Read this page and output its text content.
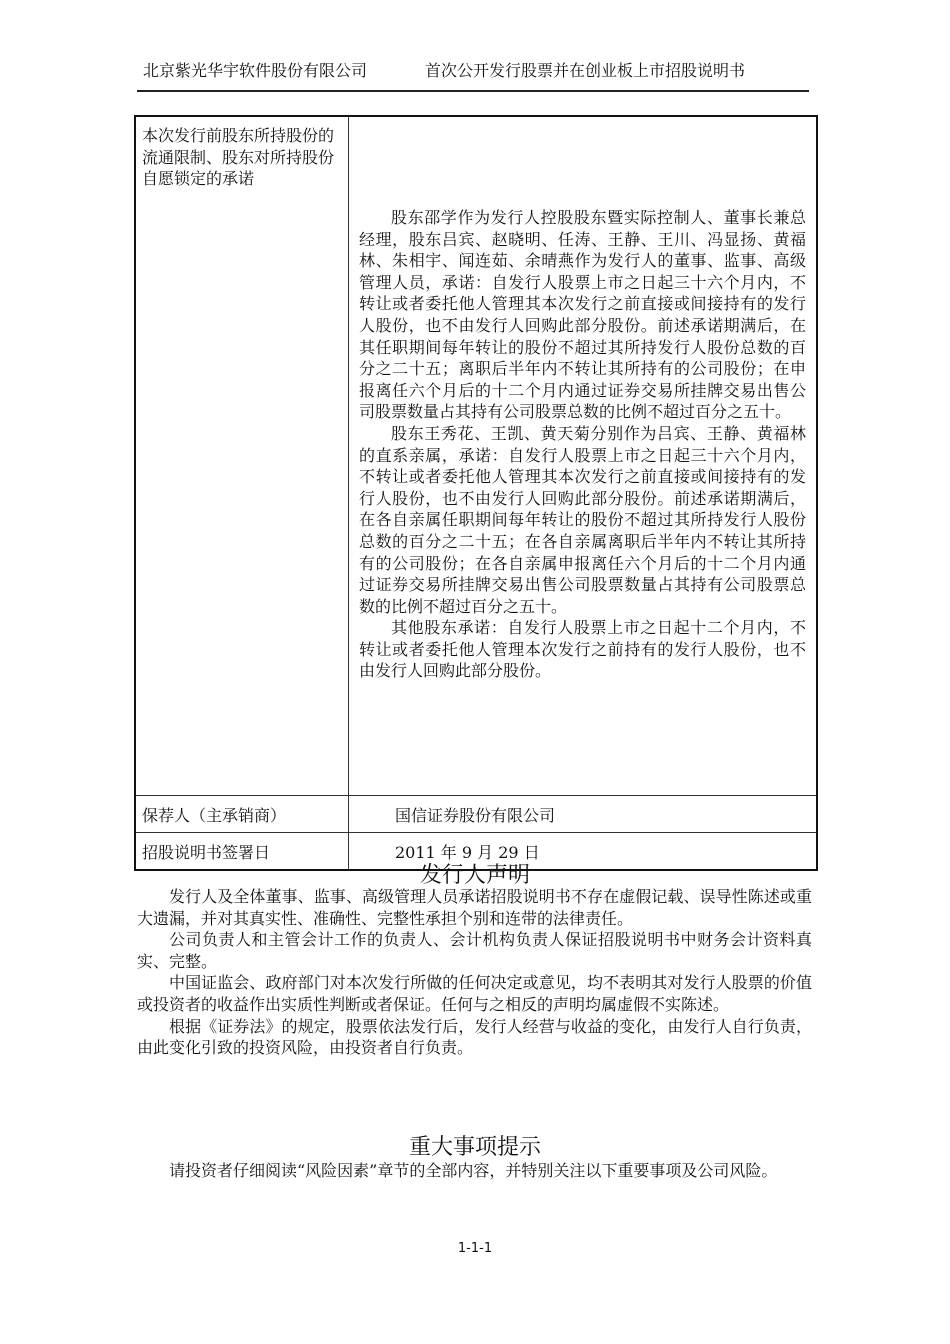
北京紫光华宇软件股份有限公司	首次公开发行股票并在创业板上市招股说明书
本次发行前股东所持股份的流通限制、股东对所持股份自愿锁定的承诺	股东邵学作为发行人控股股东暨实际控制人、董事长兼总经理，股东吕宾、赵晓明、任涛、王静、王川、冯显扬、黄福林、朱相宇、闻连茹、余晴燕作为发行人的董事、监事、高级管理人员，承诺：自发行人股票上市之日起三十六个月内，不转让或者委托他人管理其本次发行之前直接或间接持有的发行人股份，也不由发行人回购此部分股份。前述承诺期满后，在其任职期间每年转让的股份不超过其所持发行人股份总数的百分之二十五；离职后半年内不转让其所持有的公司股份；在申报离任六个月后的十二个月内通过证券交易所挂牌交易出售公司股票数量占其持有公司股票总数的比例不超过百分之五十。

股东王秀花、王凯、黄天菊分别作为吕宾、王静、黄福林的直系亲属，承诺：自发行人股票上市之日起三十六个月内，不转让或者委托他人管理其本次发行之前直接或间接持有的发行人股份，也不由发行人回购此部分股份。前述承诺期满后，在各自亲属任职期间每年转让的股份不超过其所持发行人股份总数的百分之二十五；在各自亲属离职后半年内不转让其所持有的公司股份；在各自亲属申报离任六个月后的十二个月内通过证券交易所挂牌交易出售公司股票数量占其持有公司股票总数的比例不超过百分之五十。

其他股东承诺：自发行人股票上市之日起十二个月内，不转让或者委托他人管理本次发行之前持有的发行人股份，也不由发行人回购此部分股份。

保荐人（主承销商）	国信证券股份有限公司
招股说明书签署日	2011 年 9 月 29 日
发行人声明

发行人及全体董事、监事、高级管理人员承诺招股说明书不存在虚假记载、误导性陈述或重大遗漏，并对其真实性、准确性、完整性承担个别和连带的法律责任。

公司负责人和主管会计工作的负责人、会计机构负责人保证招股说明书中财务会计资料真实、完整。

中国证监会、政府部门对本次发行所做的任何决定或意见，均不表明其对发行人股票的价值或投资者的收益作出实质性判断或者保证。任何与之相反的声明均属虚假不实陈述。

根据《证券法》的规定，股票依法发行后，发行人经营与收益的变化，由发行人自行负责，由此变化引致的投资风险，由投资者自行负责。

重大事项提示

请投资者仔细阅读“风险因素”章节的全部内容，并特别关注以下重要事项及公司风险。

1-1-1
